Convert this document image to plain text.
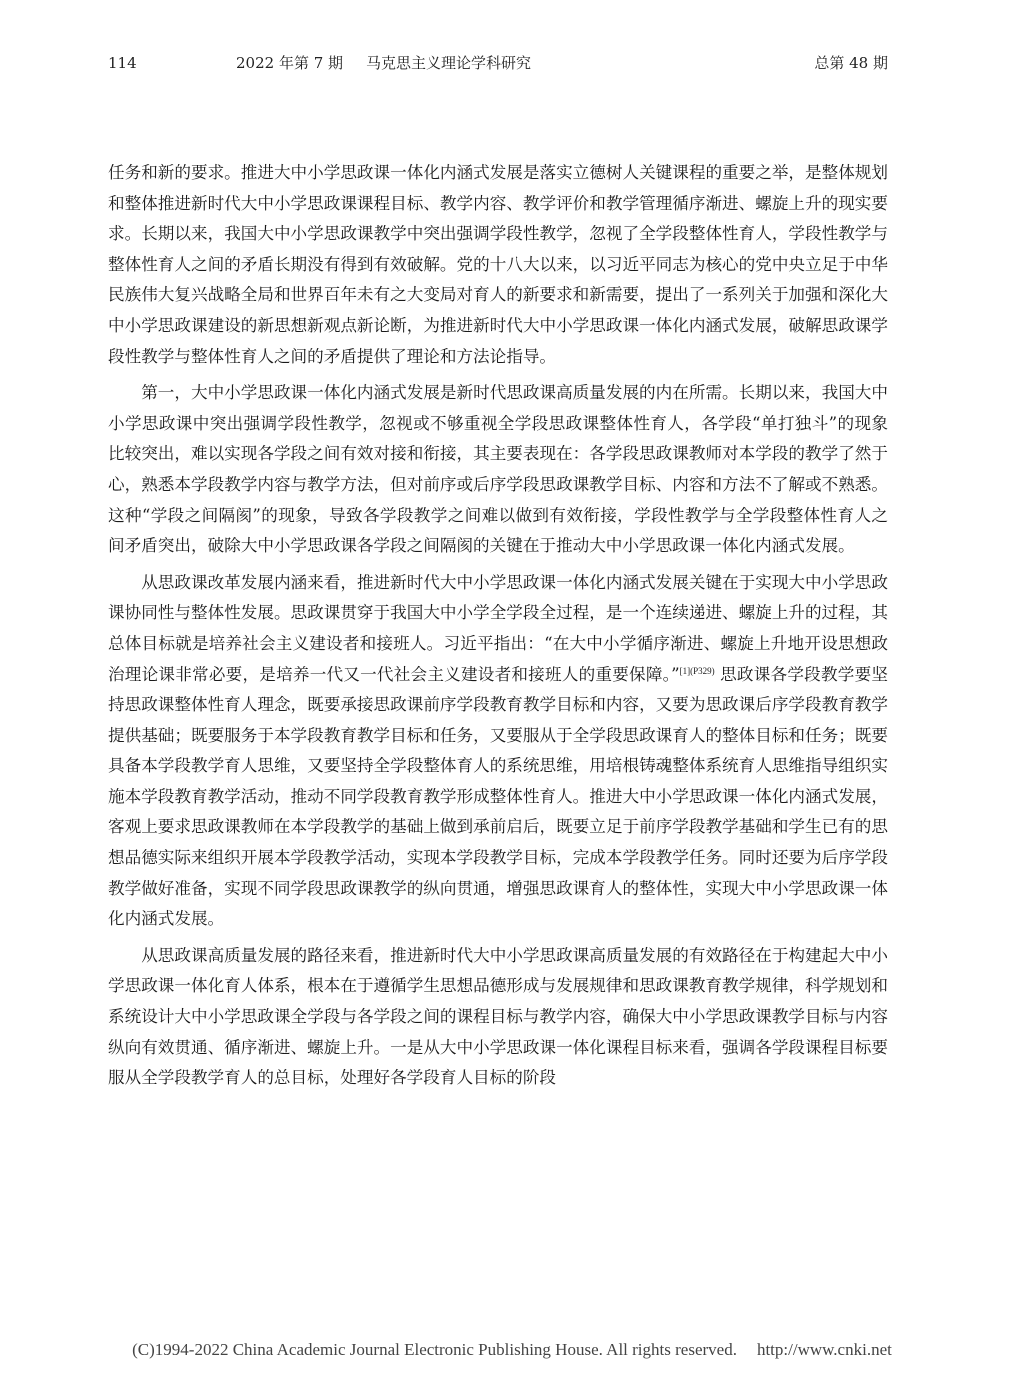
114	2022 年第 7 期 马克思主义理论学科研究	总第 48 期

任务和新的要求。推进大中小学思政课一体化内涵式发展是落实立德树人关键课程的重要之举，是整体规划和整体推进新时代大中小学思政课课程目标、教学内容、教学评价和教学管理循序渐进、螺旋上升的现实要求。长期以来，我国大中小学思政课教学中突出强调学段性教学，忽视了全学段整体性育人，学段性教学与整体性育人之间的矛盾长期没有得到有效破解。党的十八大以来，以习近平同志为核心的党中央立足于中华民族伟大复兴战略全局和世界百年未有之大变局对育人的新要求和新需要，提出了一系列关于加强和深化大中小学思政课建设的新思想新观点新论断，为推进新时代大中小学思政课一体化内涵式发展，破解思政课学段性教学与整体性育人之间的矛盾提供了理论和方法论指导。

第一，大中小学思政课一体化内涵式发展是新时代思政课高质量发展的内在所需。长期以来，我国大中小学思政课中突出强调学段性教学，忽视或不够重视全学段思政课整体性育人，各学段“单打独斗”的现象比较突出，难以实现各学段之间有效对接和衔接，其主要表现在：各学段思政课教师对本学段的教学了然于心，熟悉本学段教学内容与教学方法，但对前序或后序学段思政课教学目标、内容和方法不了解或不熟悉。这种“学段之间隔阂”的现象，导致各学段教学之间难以做到有效衔接，学段性教学与全学段整体性育人之间矛盾突出，破除大中小学思政课各学段之间隔阂的关键在于推动大中小学思政课一体化内涵式发展。

从思政课改革发展内涵来看，推进新时代大中小学思政课一体化内涵式发展关键在于实现大中小学思政课协同性与整体性发展。思政课贯穿于我国大中小学全学段全过程，是一个连续递进、螺旋上升的过程，其总体目标就是培养社会主义建设者和接班人。习近平指出：“在大中小学循序渐进、螺旋上升地开设思想政治理论课非常必要，是培养一代又一代社会主义建设者和接班人的重要保障。”$^{[1](P329)}$ 思政课各学段教学要坚持思政课整体性育人理念，既要承接思政课前序学段教育教学目标和内容，又要为思政课后序学段教育教学提供基础；既要服务于本学段教育教学目标和任务，又要服从于全学段思政课育人的整体目标和任务；既要具备本学段教学育人思维，又要坚持全学段整体育人的系统思维，用培根铸魂整体系统育人思维指导组织实施本学段教育教学活动，推动不同学段教育教学形成整体性育人。推进大中小学思政课一体化内涵式发展，客观上要求思政课教师在本学段教学的基础上做到承前启后，既要立足于前序学段教学基础和学生已有的思想品德实际来组织开展本学段教学活动，实现本学段教学目标，完成本学段教学任务。同时还要为后序学段教学做好准备，实现不同学段思政课教学的纵向贯通，增强思政课育人的整体性，实现大中小学思政课一体化内涵式发展。

从思政课高质量发展的路径来看，推进新时代大中小学思政课高质量发展的有效路径在于构建起大中小学思政课一体化育人体系，根本在于遵循学生思想品德形成与发展规律和思政课教育教学规律，科学规划和系统设计大中小学思政课全学段与各学段之间的课程目标与教学内容，确保大中小学思政课教学目标与内容纵向有效贯通、循序渐进、螺旋上升。一是从大中小学思政课一体化课程目标来看，强调各学段课程目标要服从全学段教学育人的总目标，处理好各学段育人目标的阶段

(C)1994-2022 China Academic Journal Electronic Publishing House. All rights reserved. http://www.cnki.net
